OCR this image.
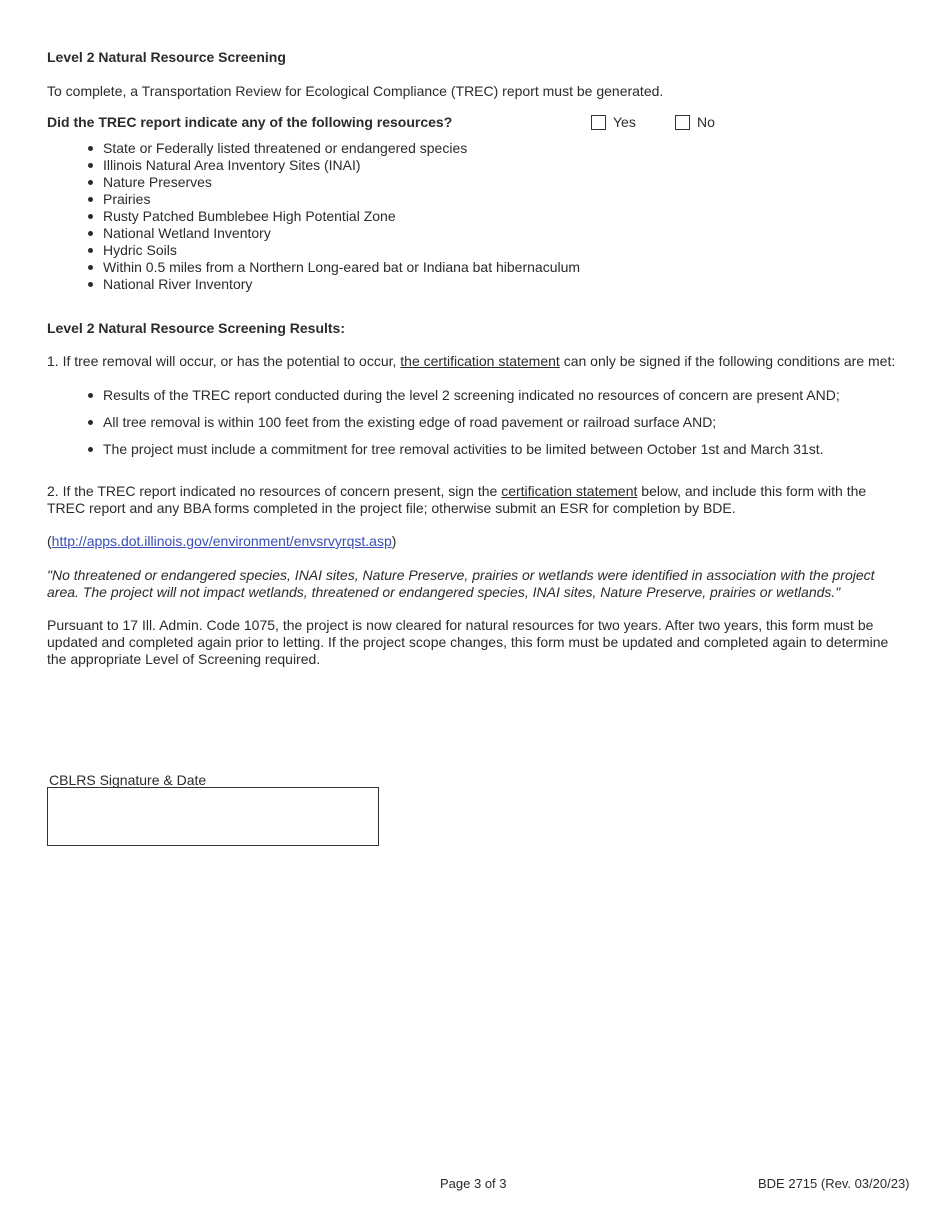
Level 2 Natural Resource Screening
To complete, a Transportation Review for Ecological Compliance (TREC) report must be generated.
Did the TREC report indicate any of the following resources?	Yes	No
State or Federally listed threatened or endangered species
Illinois Natural Area Inventory Sites (INAI)
Nature Preserves
Prairies
Rusty Patched Bumblebee High Potential Zone
National Wetland Inventory
Hydric Soils
Within 0.5 miles from a Northern Long-eared bat or Indiana bat hibernaculum
National River Inventory
Level 2 Natural Resource Screening Results:
1. If tree removal will occur, or has the potential to occur, the certification statement can only be signed if the following conditions are met:
Results of the TREC report conducted during the level 2 screening indicated no resources of concern are present AND;
All tree removal is within 100 feet from the existing edge of road pavement or railroad surface AND;
The project must include a commitment for tree removal activities to be limited between October 1st and March 31st.
2. If the TREC report indicated no resources of concern present, sign the certification statement below, and include this form with the TREC report and any BBA forms completed in the project file; otherwise submit an ESR for completion by BDE.
(http://apps.dot.illinois.gov/environment/envsrvyrqst.asp)
"No threatened or endangered species, INAI sites, Nature Preserve, prairies or wetlands were identified in association with the project area. The project will not impact wetlands, threatened or endangered species, INAI sites, Nature Preserve, prairies or wetlands."
Pursuant to 17 Ill. Admin. Code 1075, the project is now cleared for natural resources for two years. After two years, this form must be updated and completed again prior to letting. If the project scope changes, this form must be updated and completed again to determine the appropriate Level of Screening required.
CBLRS Signature & Date
Page 3 of 3	BDE 2715 (Rev. 03/20/23)
